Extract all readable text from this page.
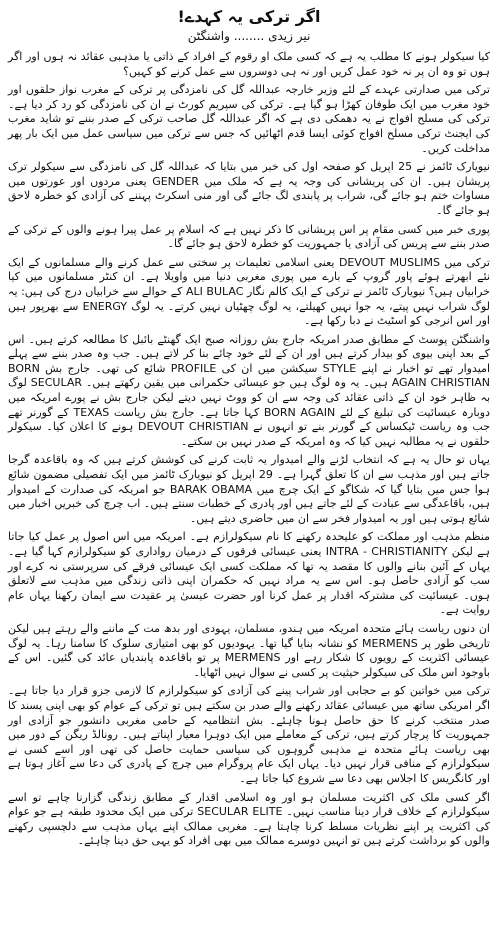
اگر ترکی یہ کہدے!
نیر زیدی ........ واشنگٹن

کیا سیکولر ہونے کا مطلب یہ ہے کہ کسی ملک او رقوم کے افراد کے ذاتی یا مذہبی عقائد نہ ہوں اور اگر ہوں تو وہ ان پر نہ خود عمل کریں اور نہ ہی دوسروں سے عمل کرنے کو کہیں؟

ترکی میں صدارتی عہدے کے لئے وزیر خارجہ عبداللہ گل کی نامزدگی پر ترکی کے مغرب نواز حلقوں اور خود مغرب میں ایک طوفان کھڑا ہو گیا ہے۔ ترکی کی سپریم کورٹ نے ان کی نامزدگی کو رد کر دیا ہے۔ ترکی کی مسلح افواج نے یہ دھمکی دی ہے کہ اگر عبداللہ گل صاحب ترکی کے صدر بننے تو شاید مغرب کی ایجنٹ ترکی مسلح افواج کوئی ایسا قدم اٹھائیں کہ جس سے ترکی میں سیاسی عمل میں ایک بار پھر مداخلت کریں۔

نیویارک ٹائمز نے 25 اپریل کو صفحہ اول کی خبر میں بتایا کہ عبداللہ گل کی نامزدگی سے سیکولر ترک پریشان ہیں۔ ان کی پریشانی کی وجہ یہ ہے کہ ملک میں GENDER یعنی مردوں اور عورتوں میں مساوات ختم ہو جائے گی، شراب پر پابندی لگ جائے گی اور منی اسکرٹ پہننے کی آزادی کو خطرہ لاحق ہو جائے گا۔

پوری خبر میں کسی مقام پر اس پریشانی کا ذکر نہیں ہے کہ اسلام پر عمل پیرا ہونے والوں کے ترکی کے صدر بننے سے پریس کی آزادی یا جمہوریت کو خطرہ لاحق ہو جائے گا۔

ترکی میں DEVOUT MUSLIMS یعنی اسلامی تعلیمات پر سختی سے عمل کرنے والے مسلمانوں کے ایک نئے ابھرتے ہوئے پاور گروپ کے بارے میں پوری مغربی دنیا میں واویلا ہے۔ ان کنٹر مسلمانوں میں کیا خرابیاں ہیں؟ نیویارک ٹائمز نے ترکی کے ایک کالم نگار ALI BULAC کے حوالے سے خرابیاں درج کی ہیں: یہ لوگ شراب نہیں پیتے، یہ جوا نہیں کھیلتے، یہ لوگ چھٹیاں نہیں کرتے۔ یہ لوگ ENERGY سے بھرپور ہیں اور اس انرجی کو اسٹیٹ نے دبا رکھا ہے۔

واشنگٹن پوسٹ کے مطابق صدر امریکہ جارج بش روزانہ صبح ایک گھنٹے بائبل کا مطالعہ کرتے ہیں۔ اس کے بعد اپنی بیوی کو بیدار کرتے ہیں اور ان کے لئے خود چائے بنا کر لاتے ہیں۔ جب وہ صدر بننے سے پہلے امیدوار تھے تو اخبار نے اپنے STYLE سیکشن میں ان کی PROFILE شائع کی تھی۔ جارج بش BORN AGAIN CHRISTIAN ہیں۔ یہ وہ لوگ ہیں جو عیسائی حکمرانی میں یقین رکھتے ہیں۔ SECULAR لوگ بہ ظاہر خود ان کے ذاتی عقائد کی وجہ سے ان کو ووٹ نہیں دیتے لیکن جارج بش نے پورے امریکہ میں دوبارہ عیسائیت کی تبلیغ کے لئے BORN AGAIN کہا جاتا ہے۔ جارج بش ریاست TEXAS کے گورنر تھے جب وہ ریاست ٹیکساس کے گورنر بنے تو انہوں نے DEVOUT CHRISTIAN ہونے کا اعلان کیا۔ سیکولر حلقوں نے یہ مطالبہ نہیں کیا کہ وہ امریکہ کے صدر نہیں بن سکتے۔

یہاں تو حال یہ ہے کہ انتخاب لڑنے والے امیدوار یہ ثابت کرنے کی کوشش کرتے ہیں کہ وہ باقاعدہ گرجا جاتے ہیں اور مذہب سے ان کا تعلق گہرا ہے۔ 29 اپریل کو نیویارک ٹائمز میں ایک تفصیلی مضمون شائع ہوا جس میں بتایا گیا کہ شکاگو کے ایک چرچ میں BARAK OBAMA جو امریکہ کی صدارت کے امیدوار ہیں، باقاعدگی سے عبادت کے لئے جاتے ہیں اور پادری کے خطبات سنتے ہیں۔ اب چرچ کی خبریں اخبار میں شائع ہوتی ہیں اور یہ امیدوار فخر سے ان میں حاضری دیتے ہیں۔

منظم مذہب اور مملکت کو علیحدہ رکھنے کا نام سیکولرازم ہے۔ امریکہ میں اس اصول پر عمل کیا جاتا ہے لیکن INTRA - CHRISTIANITY یعنی عیسائی فرقوں کے درمیان رواداری کو سیکولرازم کہا گیا ہے۔ یہاں کے آئین بنانے والوں کا مقصد یہ تھا کہ مملکت کسی ایک عیسائی فرقے کی سرپرستی نہ کرے اور سب کو آزادی حاصل ہو۔ اس سے یہ مراد نہیں کہ حکمران اپنی ذاتی زندگی میں مذہب سے لاتعلق ہوں۔ عیسائیت کی مشترکہ اقدار پر عمل کرنا اور حضرت عیسیٰ پر عقیدت سے ایمان رکھنا یہاں عام روایت ہے۔

ان دنوں ریاست ہائے متحدہ امریکہ میں ہندو، مسلمان، یہودی اور بدھ مت کے ماننے والے رہتے ہیں لیکن تاریخی طور پر MERMENS کو نشانہ بنایا گیا تھا۔ یہودیوں کو بھی امتیازی سلوک کا سامنا رہا۔ یہ لوگ عیسائی اکثریت کے رویوں کا شکار رہے اور MERMENS پر تو باقاعدہ پابندیاں عائد کی گئیں۔ اس کے باوجود اس ملک کی سیکولر حیثیت پر کسی نے سوال نہیں اٹھایا۔

ترکی میں خواتین کو بے حجابی اور شراب پینے کی آزادی کو سیکولرازم کا لازمی جزو قرار دیا جاتا ہے۔ اگر امریکی ساتھ میں عیسائی عقائد رکھنے والے صدر بن سکتے ہیں تو ترکی کے عوام کو بھی اپنی پسند کا صدر منتخب کرنے کا حق حاصل ہونا چاہئے۔ بش انتظامیہ کے حامی مغربی دانشور جو آزادی اور جمہوریت کا پرچار کرتے ہیں، ترکی کے معاملے میں ایک دوہرا معیار اپناتے ہیں۔ رونالڈ ریگن کے دور میں بھی ریاست ہائے متحدہ نے مذہبی گروہوں کی سیاسی حمایت حاصل کی تھی اور اسے کسی نے سیکولرازم کے منافی قرار نہیں دیا۔ یہاں ایک عام پروگرام میں چرچ کے پادری کی دعا سے آغاز ہوتا ہے اور کانگریس کا اجلاس بھی دعا سے شروع کیا جاتا ہے۔

اگر کسی ملک کی اکثریت مسلمان ہو اور وہ اسلامی اقدار کے مطابق زندگی گزارنا چاہے تو اسے سیکولرازم کے خلاف قرار دینا مناسب نہیں۔ SECULAR ELITE ترکی میں ایک محدود طبقہ ہے جو عوام کی اکثریت پر اپنے نظریات مسلط کرنا چاہتا ہے۔ مغربی ممالک اپنے یہاں مذہب سے دلچسپی رکھنے والوں کو برداشت کرتے ہیں تو انہیں دوسرے ممالک میں بھی افراد کو یہی حق دینا چاہئے۔
